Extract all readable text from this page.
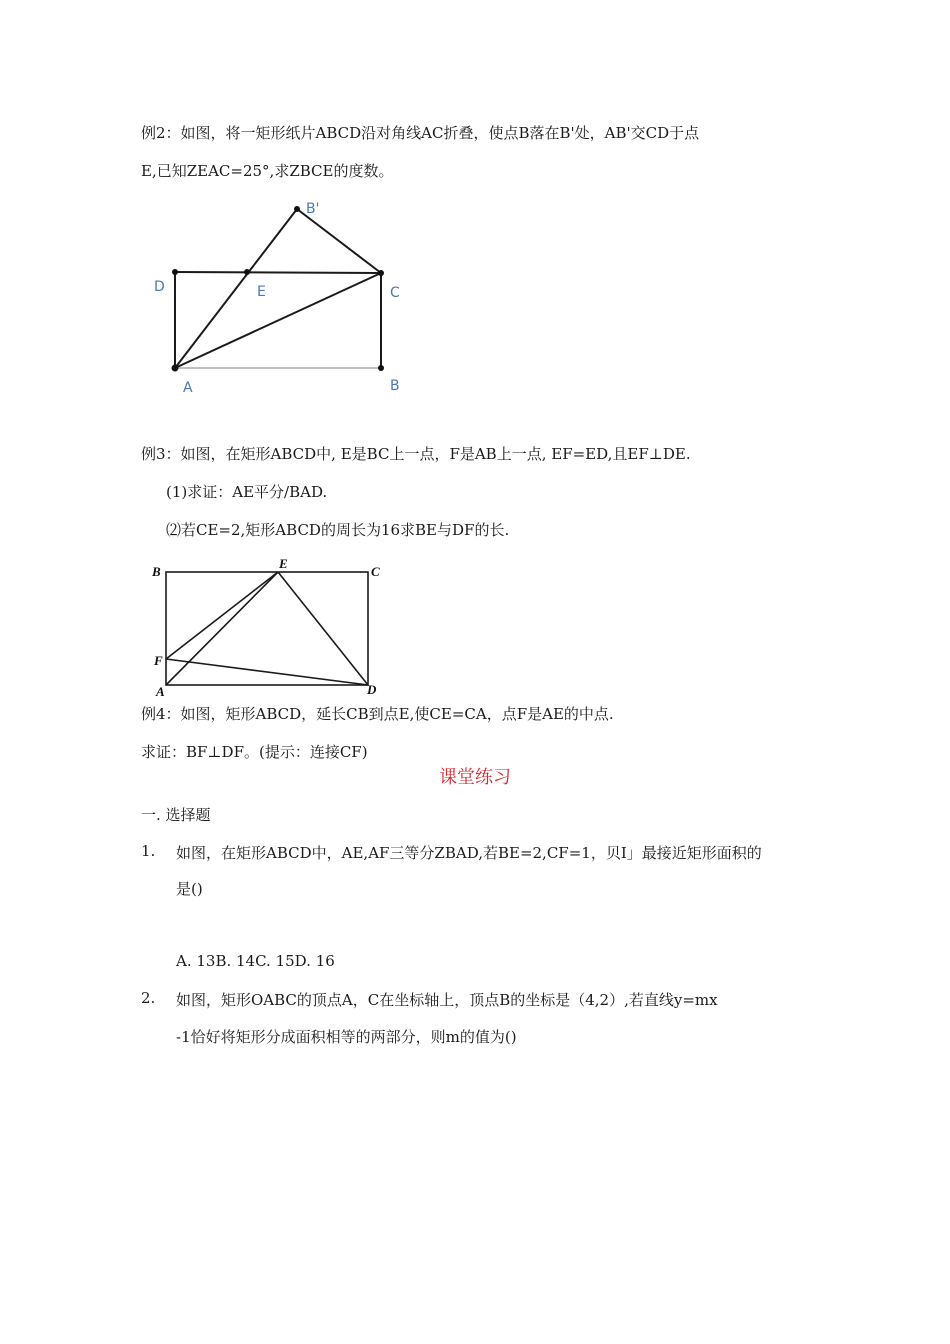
例2：如图，将一矩形纸片ABCD沿对角线AC折叠，使点B落在B'处，AB'交CD于点
E,已知ZEAC=25°,求ZBCE的度数。
B'
D	E	C
A	B
例3：如图，在矩形ABCD中, E是BC上一点，F是AB上一点, EF=ED,且EF⊥DE.
(1)求证：AE平分/BAD.
⑵若CE=2,矩形ABCD的周长为16求BE与DF的长.
B
E
C
F
A	D
例4：如图，矩形ABCD，延长CB到点E,使CE=CA，点F是AE的中点.
求证：BF⊥DF。(提示：连接CF)
课堂练习
一. 选择题
1. 如图，在矩形ABCD中，AE,AF三等分ZBAD,若BE=2,CF=1，贝I」最接近矩形面积的
是()
A. 13B. 14C. 15D. 16
2. 如图，矩形OABC的顶点A，C在坐标轴上，顶点B的坐标是（4,2）,若直线y=mx
-1恰好将矩形分成面积相等的两部分，则m的值为()
